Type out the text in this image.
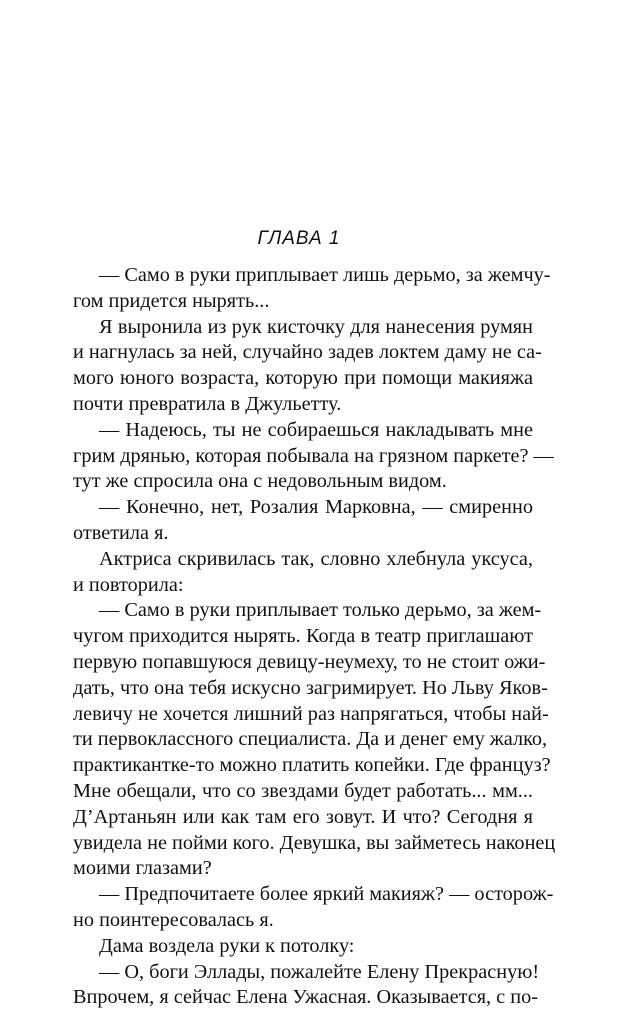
ГЛАВА 1
— Само в руки приплывает лишь дерьмо, за жемчу-
гом придется нырять...
Я выронила из рук кисточку для нанесения румян
и нагнулась за ней, случайно задев локтем даму не са-
мого юного возраста, которую при помощи макияжа
почти превратила в Джульетту.
— Надеюсь, ты не собираешься накладывать мне
грим дрянью, которая побывала на грязном паркете? —
тут же спросила она с недовольным видом.
— Конечно, нет, Розалия Марковна, — смиренно
ответила я.
Актриса скривилась так, словно хлебнула уксуса,
и повторила:
— Само в руки приплывает только дерьмо, за жем-
чугом приходится нырять. Когда в театр приглашают
первую попавшуюся девицу-неумеху, то не стоит ожи-
дать, что она тебя искусно загримирует. Но Льву Яков-
левичу не хочется лишний раз напрягаться, чтобы най-
ти первоклассного специалиста. Да и денег ему жалко,
практикантке-то можно платить копейки. Где француз?
Мне обещали, что со звездами будет работать... мм...
Д’Артаньян или как там его зовут. И что? Сегодня я
увидела не пойми кого. Девушка, вы займетесь наконец
моими глазами?
— Предпочитаете более яркий макияж? — осторож-
но поинтересовалась я.
Дама воздела руки к потолку:
— О, боги Эллады, пожалейте Елену Прекрасную!
Впрочем, я сейчас Елена Ужасная. Оказывается, с по-
